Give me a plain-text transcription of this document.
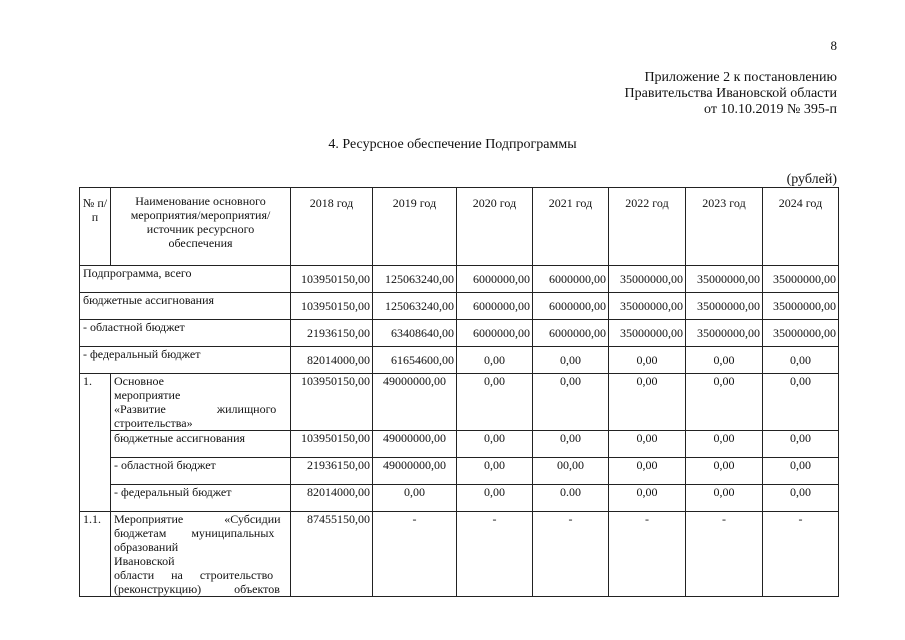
8
Приложение 2 к постановлению
Правительства Ивановской области
от 10.10.2019 № 395-п
4. Ресурсное обеспечение Подпрограммы
(рублей)
№ п/п	Наименование основного мероприятия/мероприятия/ источник ресурсного обеспечения	2018 год	2019 год	2020 год	2021 год	2022 год	2023 год	2024 год
Подпрограмма, всего		103950150,00	125063240,00	6000000,00	6000000,00	35000000,00	35000000,00	35000000,00
бюджетные ассигнования		103950150,00	125063240,00	6000000,00	6000000,00	35000000,00	35000000,00	35000000,00
- областной бюджет		21936150,00	63408640,00	6000000,00	6000000,00	35000000,00	35000000,00	35000000,00
- федеральный бюджет		82014000,00	61654600,00	0,00	0,00	0,00	0,00	0,00
1.	Основное мероприятие
«Развитие жилищного
строительства»	103950150,00	49000000,00	0,00	0,00	0,00	0,00	0,00
	бюджетные ассигнования	103950150,00	49000000,00	0,00	0,00	0,00	0,00	0,00
	- областной бюджет	21936150,00	49000000,00	0,00	00,00	0,00	0,00	0,00
	- федеральный бюджет	82014000,00	0,00	0,00	0.00	0,00	0,00	0,00
1.1.	Мероприятие «Субсидии
бюджетам муниципальных
образований Ивановской
области на строительство
(реконструкцию) объектов	87455150,00	-	-	-	-	-	-
